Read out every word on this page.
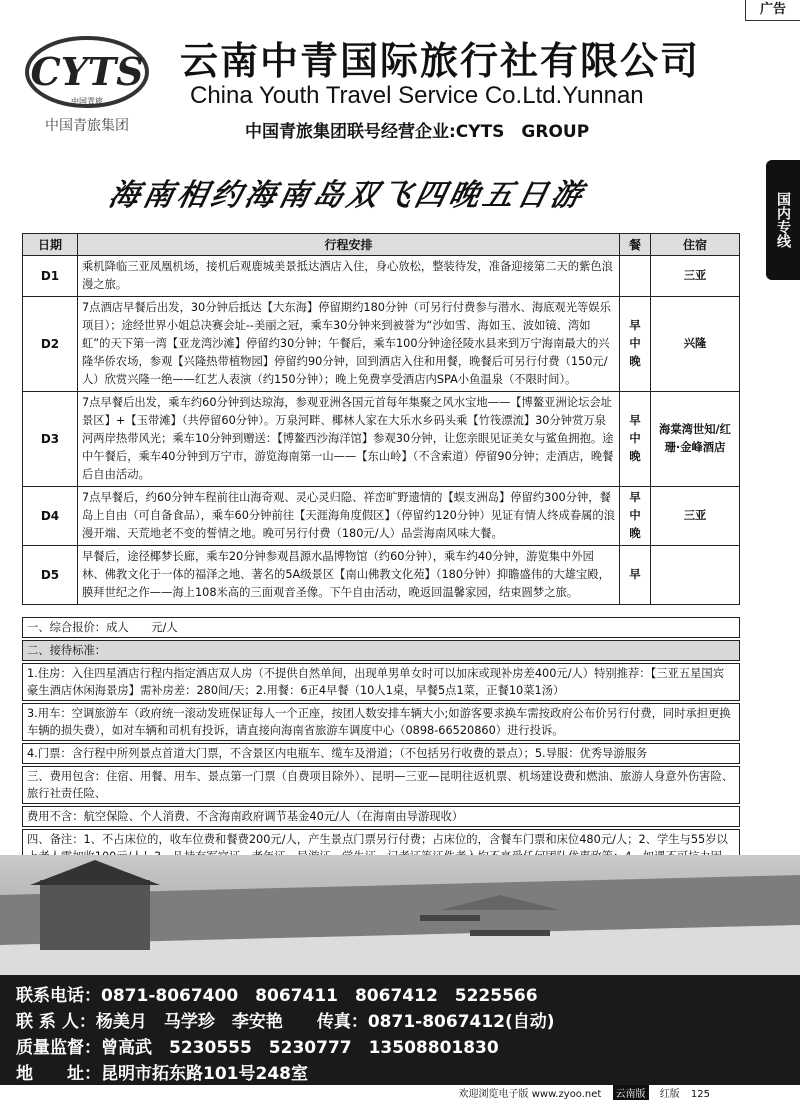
广告
CYTS
中国青旅
中国青旅集团
云南中青国际旅行社有限公司
China Youth Travel Service Co.Ltd.Yunnan
中国青旅集团联号经营企业:CYTS　GROUP
国内专线
海南相约海南岛双飞四晚五日游
日期	行程安排	餐	住宿
D1	乘机降临三亚凤凰机场，接机后观鹿城美景抵达酒店入住，身心放松，整装待发，准备迎接第二天的紫色浪漫之旅。		三亚
D2	7点酒店早餐后出发，30分钟后抵达【大东海】停留期约180分钟（可另行付费参与潜水、海底观光等娱乐项目）；途经世界小姐总决赛会址--美丽之冠，乘车30分钟来到被誉为“沙如雪、海如玉、波如镜、湾如虹”的天下第一湾【亚龙湾沙滩】停留约30分钟；午餐后，乘车100分钟途径陵水县来到万宁海南最大的兴隆华侨农场，参观【兴隆热带植物园】停留约90分钟，回到酒店入住和用餐，晚餐后可另行付费（150元/人）欣赏兴隆一绝——红艺人表演（约150分钟）；晚上免费享受酒店内SPA小鱼温泉（不限时间）。	早中晚	兴隆
D3	7点早餐后出发，乘车约60分钟到达琼海，参观亚洲各国元首每年集聚之风水宝地——【博鳌亚洲论坛会址景区】+【玉带滩】（共停留60分钟）。万泉河畔、椰林人家在大乐水乡码头乘【竹筏漂流】30分钟赏万泉河两岸热带风光；乘车10分钟到赠送：【博鳌西沙海洋馆】参观30分钟，让您亲眼见证美女与鲨鱼拥抱。途中午餐后，乘车40分钟到万宁市，游览海南第一山——【东山岭】（不含索道）停留90分钟；走酒店，晚餐后自由活动。	早中晚	海棠湾世知/红珊·金峰酒店
D4	7点早餐后，约60分钟车程前往山海奇观、灵心灵归隐、祥峦旷野遗情的【蜈支洲岛】停留约300分钟，餐岛上自由（可自备食品），乘车60分钟前往【天涯海角度假区】（停留约120分钟）见证有情人终成眷属的浪漫开端、天荒地老不变的誓情之地。晚可另行付费（180元/人）品尝海南风味大餐。	早中晚	三亚
D5	早餐后，途径椰梦长廊，乘车20分钟参观昌源水晶博物馆（约60分钟），乘车约40分钟，游览集中外园林、佛教文化于一体的福泽之地、著名的5A级景区【南山佛教文化苑】（180分钟）抑瞻盛伟的大雄宝殿，膜拜世纪之作——海上108米高的三面观音圣像。下午自由活动，晚返回温馨家园，结束圆梦之旅。	早	
一、综合报价：成人　　元/人
二、接待标准：
1.住房：入住四星酒店行程内指定酒店双人房（不提供自然单间，出现单男单女时可以加床或现补房差400元/人）特别推荐：【三亚五星国宾豪生酒店休闲海景房】需补房差：280间/天；2.用餐：6正4早餐（10人1桌，早餐5点1菜，正餐10菜1汤）
3.用车：空调旅游车（政府统一滚动发班保证每人一个正座，按团人数安排车辆大小;如游客要求换车需按政府公布价另行付费，同时承担更换车辆的损失费），如对车辆和司机有投诉，请直接向海南省旅游车调度中心（0898-66520860）进行投诉。
4.门票：含行程中所列景点首道大门票，不含景区内电瓶车、缆车及滑道；（不包括另行收费的景点）；5.导服：优秀导游服务
三、费用包含：住宿、用餐、用车、景点第一门票（自费项目除外）、昆明—三亚—昆明往返机票、机场建设费和燃油、旅游人身意外伤害险、旅行社责任险、
费用不含：航空保险、个人消费、不含海南政府调节基金40元/人（在海南由导游现收）
四、备注：1、不占床位的，收车位费和餐费200元/人，产生景点门票另行付费；占床位的，含餐车门票和床位480元/人；2、学生与55岁以
联系电话：0871-8067400　8067411　8067412　5225566
联 系 人：杨美月　马学珍　李安艳　　传真：0871-8067412(自动)
质量监督：曾高武　5230555　5230777　13508801830
地　　址：昆明市拓东路101号248室
欢迎浏览电子版 www.zyoo.net 云南版 红版 125
